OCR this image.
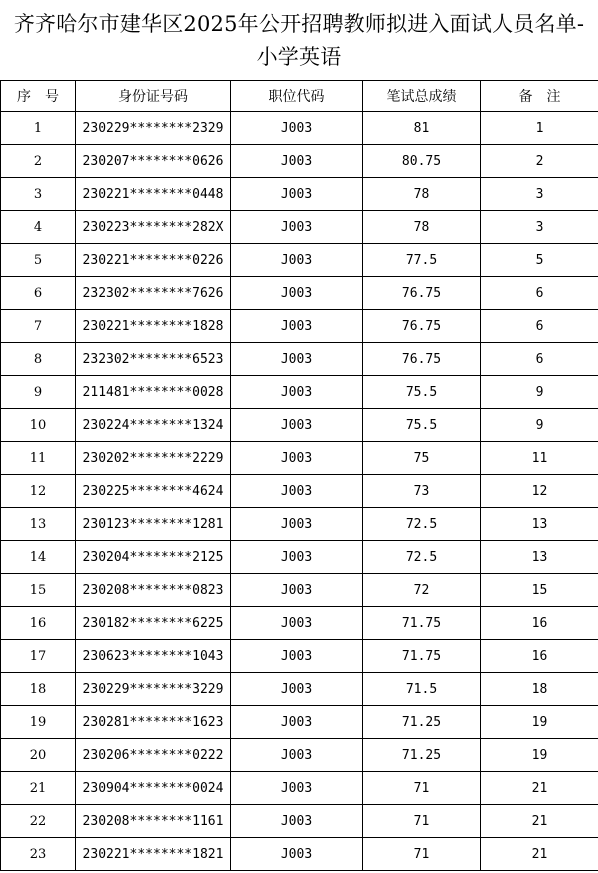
齐齐哈尔市建华区2025年公开招聘教师拟进入面试人员名单-小学英语
序　号	身份证号码	职位代码	笔试总成绩	备　注
1	230229********2329	J003	81	1
2	230207********0626	J003	80.75	2
3	230221********0448	J003	78	3
4	230223********282X	J003	78	3
5	230221********0226	J003	77.5	5
6	232302********7626	J003	76.75	6
7	230221********1828	J003	76.75	6
8	232302********6523	J003	76.75	6
9	211481********0028	J003	75.5	9
10	230224********1324	J003	75.5	9
11	230202********2229	J003	75	11
12	230225********4624	J003	73	12
13	230123********1281	J003	72.5	13
14	230204********2125	J003	72.5	13
15	230208********0823	J003	72	15
16	230182********6225	J003	71.75	16
17	230623********1043	J003	71.75	16
18	230229********3229	J003	71.5	18
19	230281********1623	J003	71.25	19
20	230206********0222	J003	71.25	19
21	230904********0024	J003	71	21
22	230208********1161	J003	71	21
23	230221********1821	J003	71	21
